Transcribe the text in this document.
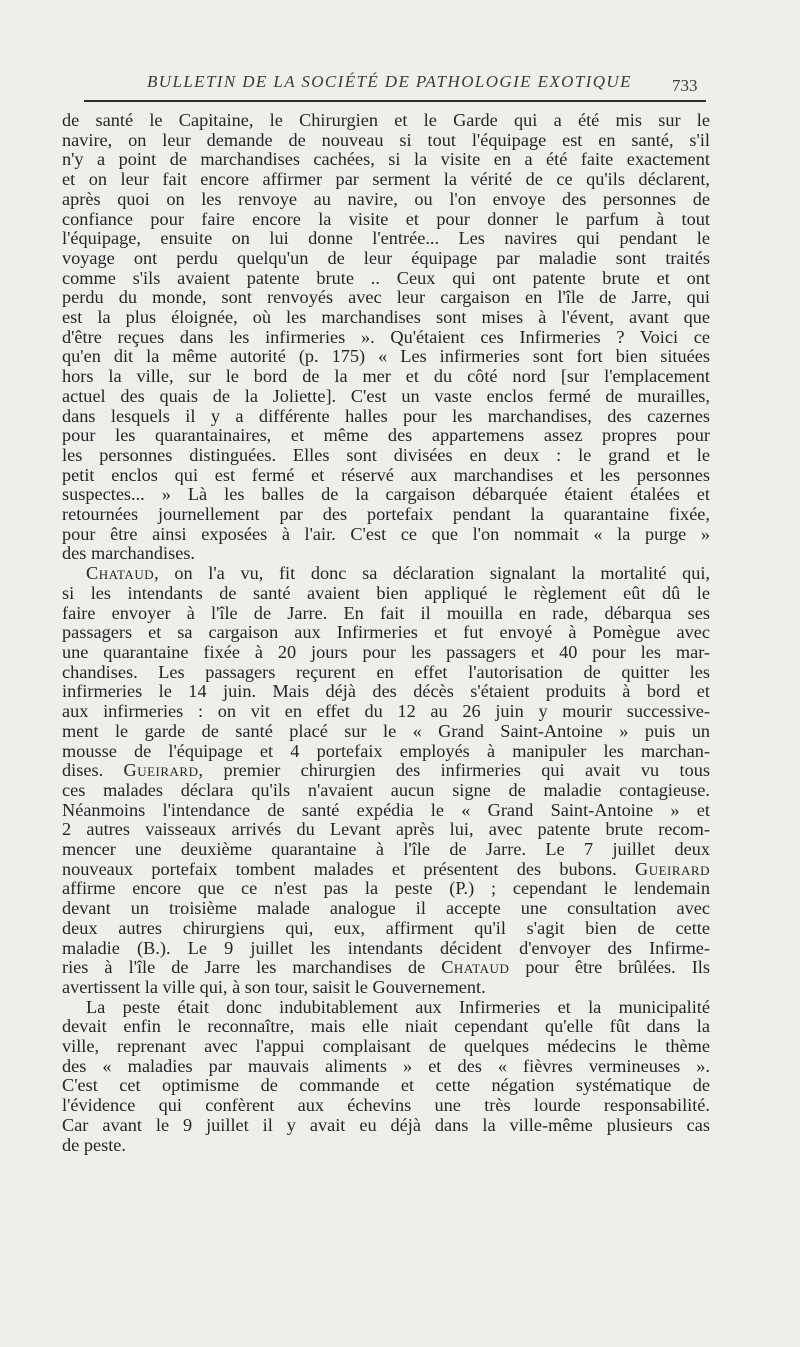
BULLETIN DE LA SOCIÉTÉ DE PATHOLOGIE EXOTIQUE	733

de santé le Capitaine, le Chirurgien et le Garde qui a été mis sur le
navire, on leur demande de nouveau si tout l'équipage est en santé, s'il
n'y a point de marchandises cachées, si la visite en a été faite exactement
et on leur fait encore affirmer par serment la vérité de ce qu'ils déclarent,
après quoi on les renvoye au navire, ou l'on envoye des personnes de
confiance pour faire encore la visite et pour donner le parfum à tout
l'équipage, ensuite on lui donne l'entrée... Les navires qui pendant le
voyage ont perdu quelqu'un de leur équipage par maladie sont traités
comme s'ils avaient patente brute .. Ceux qui ont patente brute et ont
perdu du monde, sont renvoyés avec leur cargaison en l'île de Jarre, qui
est la plus éloignée, où les marchandises sont mises à l'évent, avant que
d'être reçues dans les infirmeries ». Qu'étaient ces Infirmeries ? Voici ce
qu'en dit la même autorité (p. 175) « Les infirmeries sont fort bien situées
hors la ville, sur le bord de la mer et du côté nord [sur l'emplacement
actuel des quais de la Joliette]. C'est un vaste enclos fermé de murailles,
dans lesquels il y a différente halles pour les marchandises, des cazernes
pour les quarantainaires, et même des appartemens assez propres pour
les personnes distinguées. Elles sont divisées en deux : le grand et le
petit enclos qui est fermé et réservé aux marchandises et les personnes
suspectes... » Là les balles de la cargaison débarquée étaient étalées et
retournées journellement par des portefaix pendant la quarantaine fixée,
pour être ainsi exposées à l'air. C'est ce que l'on nommait « la purge »
des marchandises.

Chataud, on l'a vu, fit donc sa déclaration signalant la mortalité qui,
si les intendants de santé avaient bien appliqué le règlement eût dû le
faire envoyer à l'île de Jarre. En fait il mouilla en rade, débarqua ses
passagers et sa cargaison aux Infirmeries et fut envoyé à Pomègue avec
une quarantaine fixée à 20 jours pour les passagers et 40 pour les mar-
chandises. Les passagers reçurent en effet l'autorisation de quitter les
infirmeries le 14 juin. Mais déjà des décès s'étaient produits à bord et
aux infirmeries : on vit en effet du 12 au 26 juin y mourir successive-
ment le garde de santé placé sur le « Grand Saint-Antoine » puis un
mousse de l'équipage et 4 portefaix employés à manipuler les marchan-
dises. Gueirard, premier chirurgien des infirmeries qui avait vu tous
ces malades déclara qu'ils n'avaient aucun signe de maladie contagieuse.
Néanmoins l'intendance de santé expédia le « Grand Saint-Antoine » et
2 autres vaisseaux arrivés du Levant après lui, avec patente brute recom-
mencer une deuxième quarantaine à l'île de Jarre. Le 7 juillet deux
nouveaux portefaix tombent malades et présentent des bubons. Gueirard
affirme encore que ce n'est pas la peste (P.) ; cependant le lendemain
devant un troisième malade analogue il accepte une consultation avec
deux autres chirurgiens qui, eux, affirment qu'il s'agit bien de cette
maladie (B.). Le 9 juillet les intendants décident d'envoyer des Infirme-
ries à l'île de Jarre les marchandises de Chataud pour être brûlées. Ils
avertissent la ville qui, à son tour, saisit le Gouvernement.

La peste était donc indubitablement aux Infirmeries et la municipalité
devait enfin le reconnaître, mais elle niait cependant qu'elle fût dans la
ville, reprenant avec l'appui complaisant de quelques médecins le thème
des « maladies par mauvais aliments » et des « fièvres vermineuses ».
C'est cet optimisme de commande et cette négation systématique de
l'évidence qui confèrent aux échevins une très lourde responsabilité.
Car avant le 9 juillet il y avait eu déjà dans la ville-même plusieurs cas
de peste.
